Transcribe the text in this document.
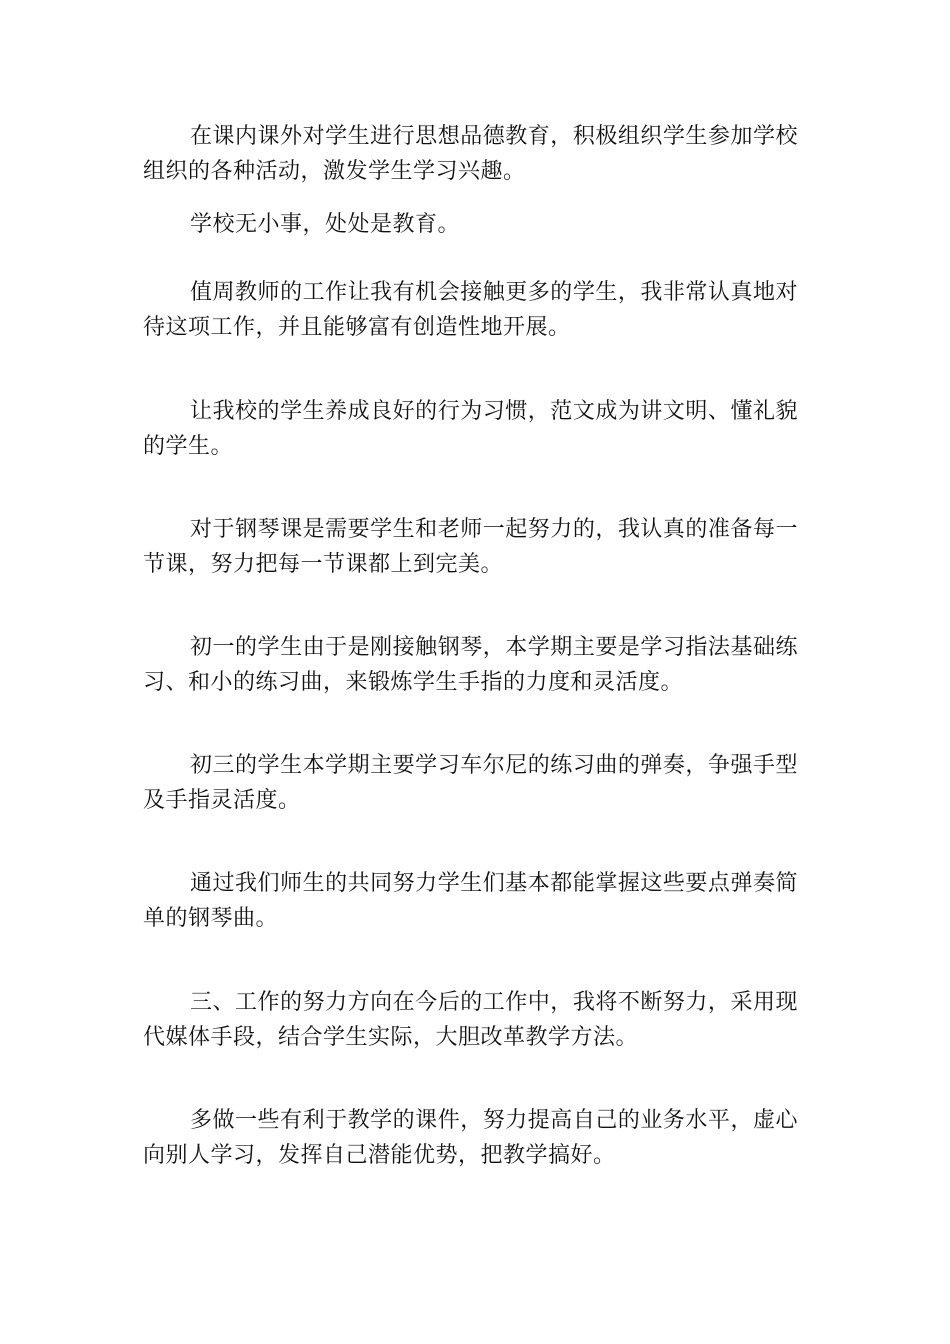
在课内课外对学生进行思想品德教育，积极组织学生参加学校组织的各种活动，激发学生学习兴趣。

学校无小事，处处是教育。

值周教师的工作让我有机会接触更多的学生，我非常认真地对待这项工作，并且能够富有创造性地开展。

让我校的学生养成良好的行为习惯，范文成为讲文明、懂礼貌的学生。

对于钢琴课是需要学生和老师一起努力的，我认真的准备每一节课，努力把每一节课都上到完美。

初一的学生由于是刚接触钢琴，本学期主要是学习指法基础练习、和小的练习曲，来锻炼学生手指的力度和灵活度。

初三的学生本学期主要学习车尔尼的练习曲的弹奏，争强手型及手指灵活度。

通过我们师生的共同努力学生们基本都能掌握这些要点弹奏简单的钢琴曲。

三、工作的努力方向在今后的工作中，我将不断努力，采用现代媒体手段，结合学生实际，大胆改革教学方法。

多做一些有利于教学的课件，努力提高自己的业务水平，虚心向别人学习，发挥自己潜能优势，把教学搞好。
